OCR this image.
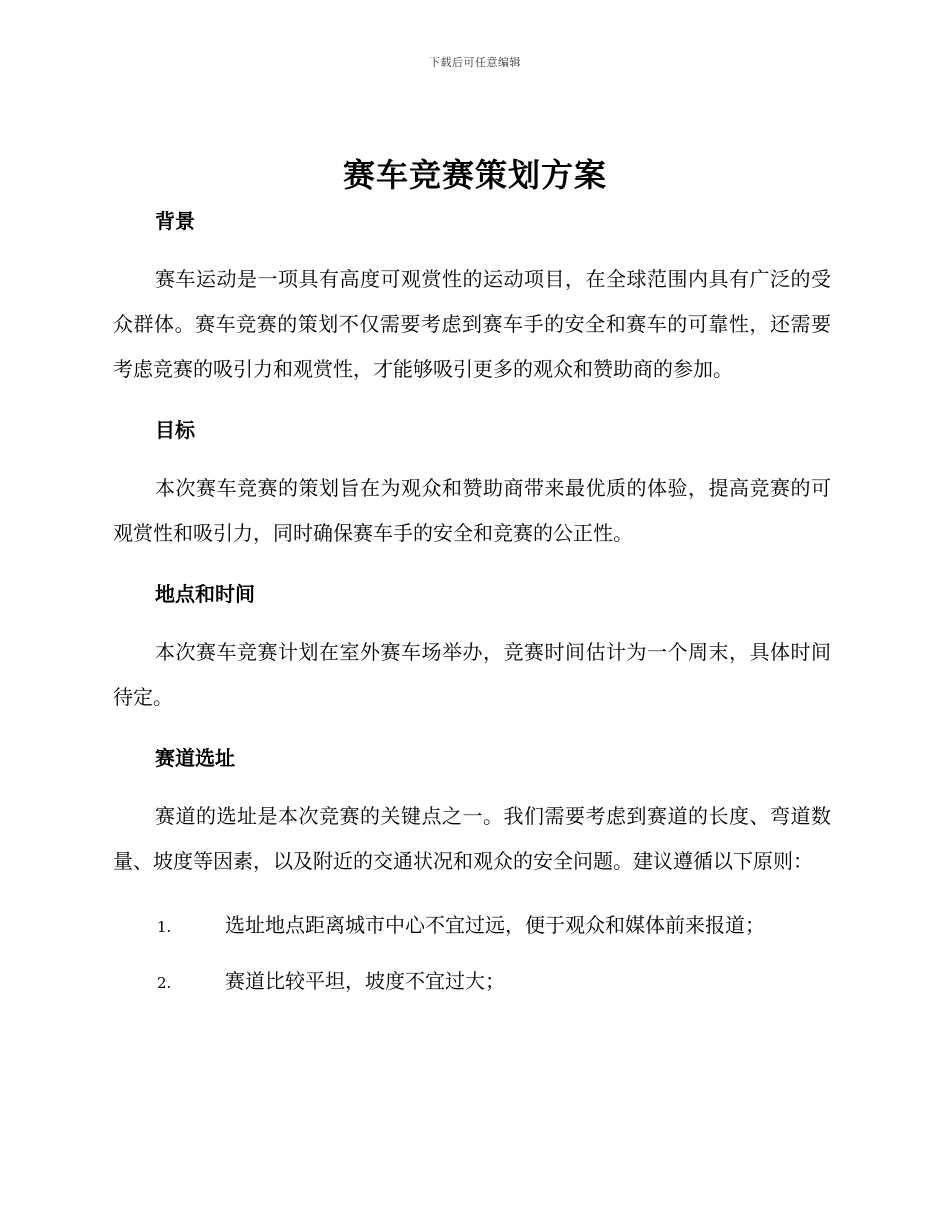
下载后可任意编辑
赛车竞赛策划方案
背景

赛车运动是一项具有高度可观赏性的运动项目，在全球范围内具有广泛的受众群体。赛车竞赛的策划不仅需要考虑到赛车手的安全和赛车的可靠性，还需要考虑竞赛的吸引力和观赏性，才能够吸引更多的观众和赞助商的参加。

目标

本次赛车竞赛的策划旨在为观众和赞助商带来最优质的体验，提高竞赛的可观赏性和吸引力，同时确保赛车手的安全和竞赛的公正性。

地点和时间

本次赛车竞赛计划在室外赛车场举办，竞赛时间估计为一个周末，具体时间待定。

赛道选址

赛道的选址是本次竞赛的关键点之一。我们需要考虑到赛道的长度、弯道数量、坡度等因素，以及附近的交通状况和观众的安全问题。建议遵循以下原则：

1.	选址地点距离城市中心不宜过远，便于观众和媒体前来报道；
2.	赛道比较平坦，坡度不宜过大；
